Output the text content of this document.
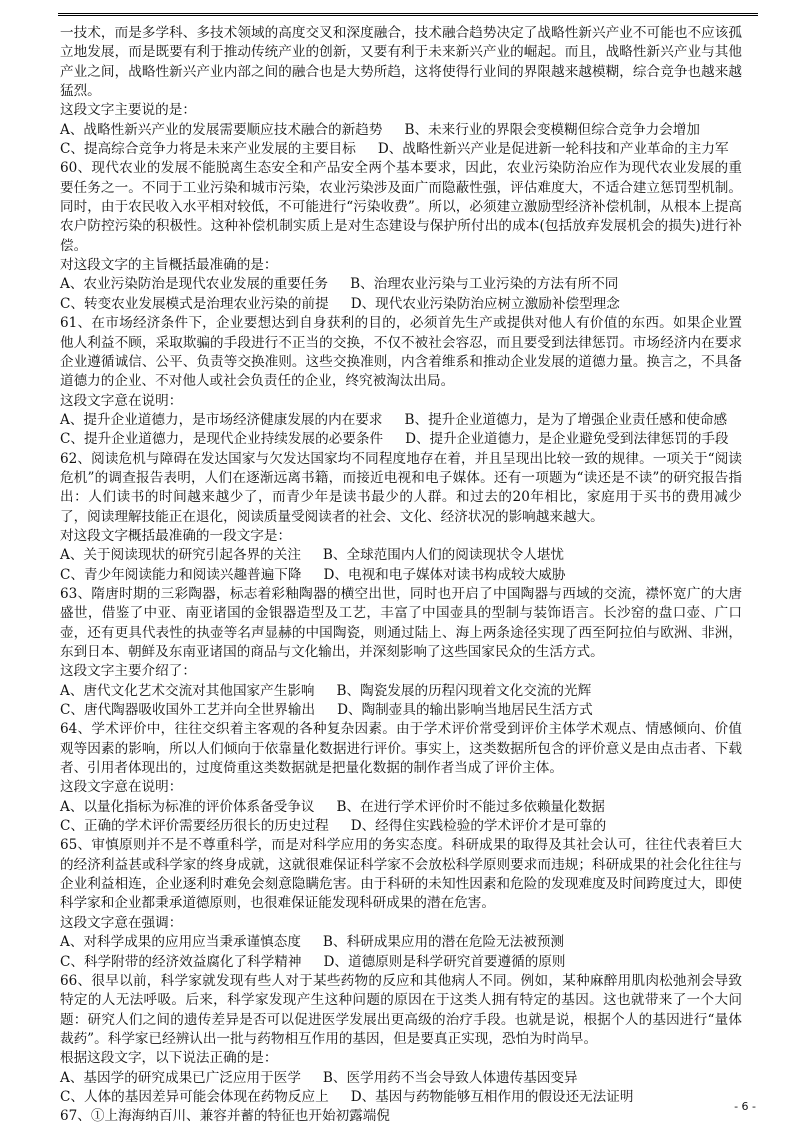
一技术，而是多学科、多技术领域的高度交叉和深度融合，技术融合趋势决定了战略性新兴产业不可能也不应该孤立地发展，而是既要有利于推动传统产业的创新，又要有利于未来新兴产业的崛起。而且，战略性新兴产业与其他产业之间，战略性新兴产业内部之间的融合也是大势所趋，这将使得行业间的界限越来越模糊，综合竞争也越来越猛烈。

这段文字主要说的是：

A、战略性新兴产业的发展需要顺应技术融合的新趋势 B、未来行业的界限会变模糊但综合竞争力会增加
C、提高综合竞争力将是未来产业发展的主要目标 D、战略性新兴产业是促进新一轮科技和产业革命的主力军

60、现代农业的发展不能脱离生态安全和产品安全两个基本要求，因此，农业污染防治应作为现代农业发展的重要任务之一。不同于工业污染和城市污染，农业污染涉及面广而隐蔽性强，评估难度大，不适合建立惩罚型机制。同时，由于农民收入水平相对较低，不可能进行“污染收费”。所以，必须建立激励型经济补偿机制，从根本上提高农户防控污染的积极性。这种补偿机制实质上是对生态建设与保护所付出的成本(包括放弃发展机会的损失)进行补偿。

对这段文字的主旨概括最准确的是：

A、农业污染防治是现代农业发展的重要任务 B、治理农业污染与工业污染的方法有所不同
C、转变农业发展模式是治理农业污染的前提 D、现代农业污染防治应树立激励补偿型理念

61、在市场经济条件下，企业要想达到自身获利的目的，必须首先生产或提供对他人有价值的东西。如果企业置他人利益不顾，采取欺骗的手段进行不正当的交换，不仅不被社会容忍，而且要受到法律惩罚。市场经济内在要求企业遵循诚信、公平、负责等交换准则。这些交换准则，内含着维系和推动企业发展的道德力量。换言之，不具备道德力的企业、不对他人或社会负责任的企业，终究被淘汰出局。

这段文字意在说明：

A、提升企业道德力，是市场经济健康发展的内在要求 B、提升企业道德力，是为了增强企业责任感和使命感
C、提升企业道德力，是现代企业持续发展的必要条件 D、提升企业道德力，是企业避免受到法律惩罚的手段

62、阅读危机与障碍在发达国家与欠发达国家均不同程度地存在着，并且呈现出比较一致的规律。一项关于“阅读危机”的调查报告表明，人们在逐渐远离书籍，而接近电视和电子媒体。还有一项题为“读还是不读”的研究报告指出：人们读书的时间越来越少了，而青少年是读书最少的人群。和过去的20年相比，家庭用于买书的费用减少了，阅读理解技能正在退化，阅读质量受阅读者的社会、文化、经济状况的影响越来越大。

对这段文字概括最准确的一段文字是：

A、关于阅读现状的研究引起各界的关注 B、全球范围内人们的阅读现状令人堪忧
C、青少年阅读能力和阅读兴趣普遍下降 D、电视和电子媒体对读书构成较大威胁

63、隋唐时期的三彩陶器，标志着彩釉陶器的横空出世，同时也开启了中国陶器与西域的交流，襟怀宽广的大唐盛世，借鉴了中亚、南亚诸国的金银器造型及工艺，丰富了中国壶具的型制与装饰语言。长沙窑的盘口壶、广口壶，还有更具代表性的执壶等名声显赫的中国陶瓷，则通过陆上、海上两条途径实现了西至阿拉伯与欧洲、非洲，东到日本、朝鲜及东南亚诸国的商品与文化输出，并深刻影响了这些国家民众的生活方式。

这段文字主要介绍了：

A、唐代文化艺术交流对其他国家产生影响 B、陶瓷发展的历程闪现着文化交流的光辉
C、唐代陶器吸收国外工艺并向全世界输出 D、陶制壶具的输出影响当地居民生活方式

64、学术评价中，往往交织着主客观的各种复杂因素。由于学术评价常受到评价主体学术观点、情感倾向、价值观等因素的影响，所以人们倾向于依靠量化数据进行评价。事实上，这类数据所包含的评价意义是由点击者、下载者、引用者体现出的，过度倚重这类数据就是把量化数据的制作者当成了评价主体。

这段文字意在说明：

A、以量化指标为标准的评价体系备受争议 B、在进行学术评价时不能过多依赖量化数据
C、正确的学术评价需要经历很长的历史过程 D、经得住实践检验的学术评价才是可靠的

65、审慎原则并不是不尊重科学，而是对科学应用的务实态度。科研成果的取得及其社会认可，往往代表着巨大的经济利益甚或科学家的终身成就，这就很难保证科学家不会放松科学原则要求而违规；科研成果的社会化往往与企业利益相连，企业逐利时难免会刻意隐瞒危害。由于科研的未知性因素和危险的发现难度及时间跨度过大，即使科学家和企业都秉承道德原则，也很难保证能发现科研成果的潜在危害。

这段文字意在强调：

A、对科学成果的应用应当秉承谨慎态度 B、科研成果应用的潜在危险无法被预测
C、科学附带的经济效益腐化了科学精神 D、道德原则是科学研究首要遵循的原则

66、很早以前，科学家就发现有些人对于某些药物的反应和其他病人不同。例如，某种麻醉用肌肉松弛剂会导致特定的人无法呼吸。后来，科学家发现产生这种问题的原因在于这类人拥有特定的基因。这也就带来了一个大问题：研究人们之间的遗传差异是否可以促进医学发展出更高级的治疗手段。也就是说，根据个人的基因进行“量体裁药”。科学家已经辨认出一批与药物相互作用的基因，但是要真正实现，恐怕为时尚早。

根据这段文字，以下说法正确的是：

A、基因学的研究成果已广泛应用于医学 B、医学用药不当会导致人体遗传基因变异
C、人体的基因差异可能会体现在药物反应上 D、基因与药物能够互相作用的假设还无法证明

67、①上海海纳百川、兼容并蓄的特征也开始初露端倪

- 6 -
